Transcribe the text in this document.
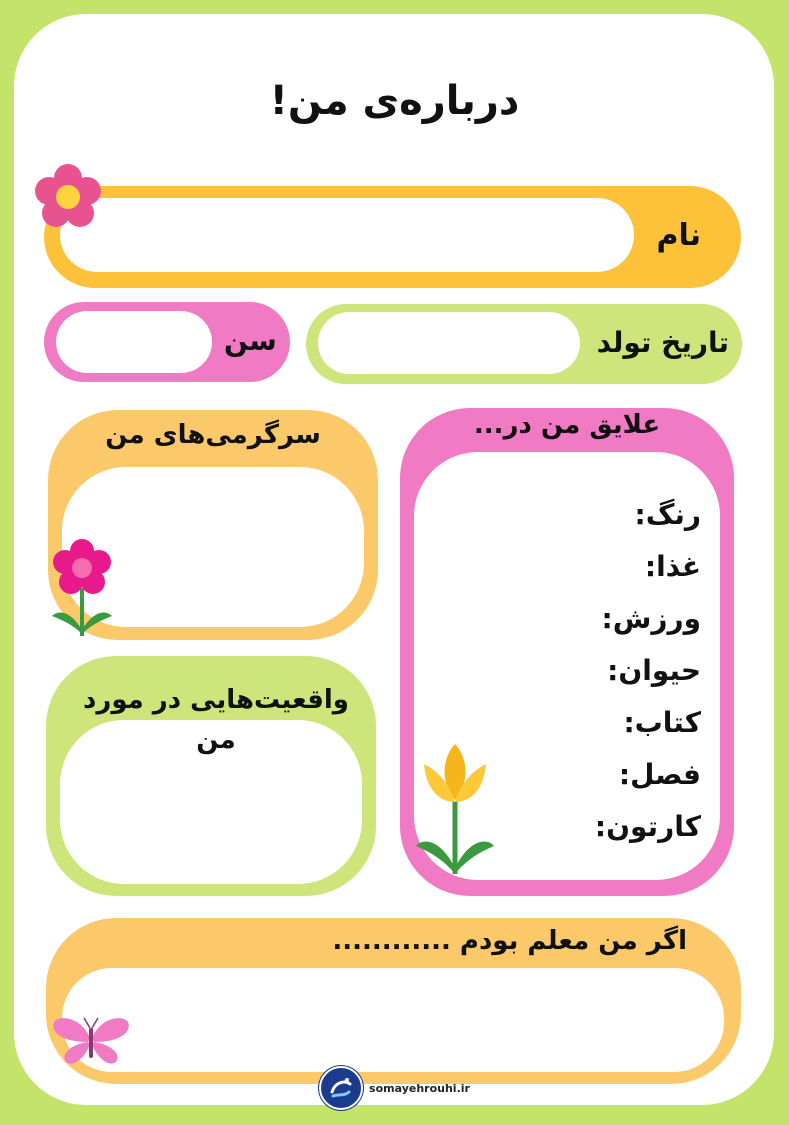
درباره‌ی من!
نام
سن	تاریخ تولد
سرگرمی‌های من
واقعیت‌هایی در مورد من
علایق من در...
رنگ:
غذا:
ورزش:
حیوان:
کتاب:
فصل:
کارتون:
اگر من معلم بودم ............
somayehrouhi.ir
